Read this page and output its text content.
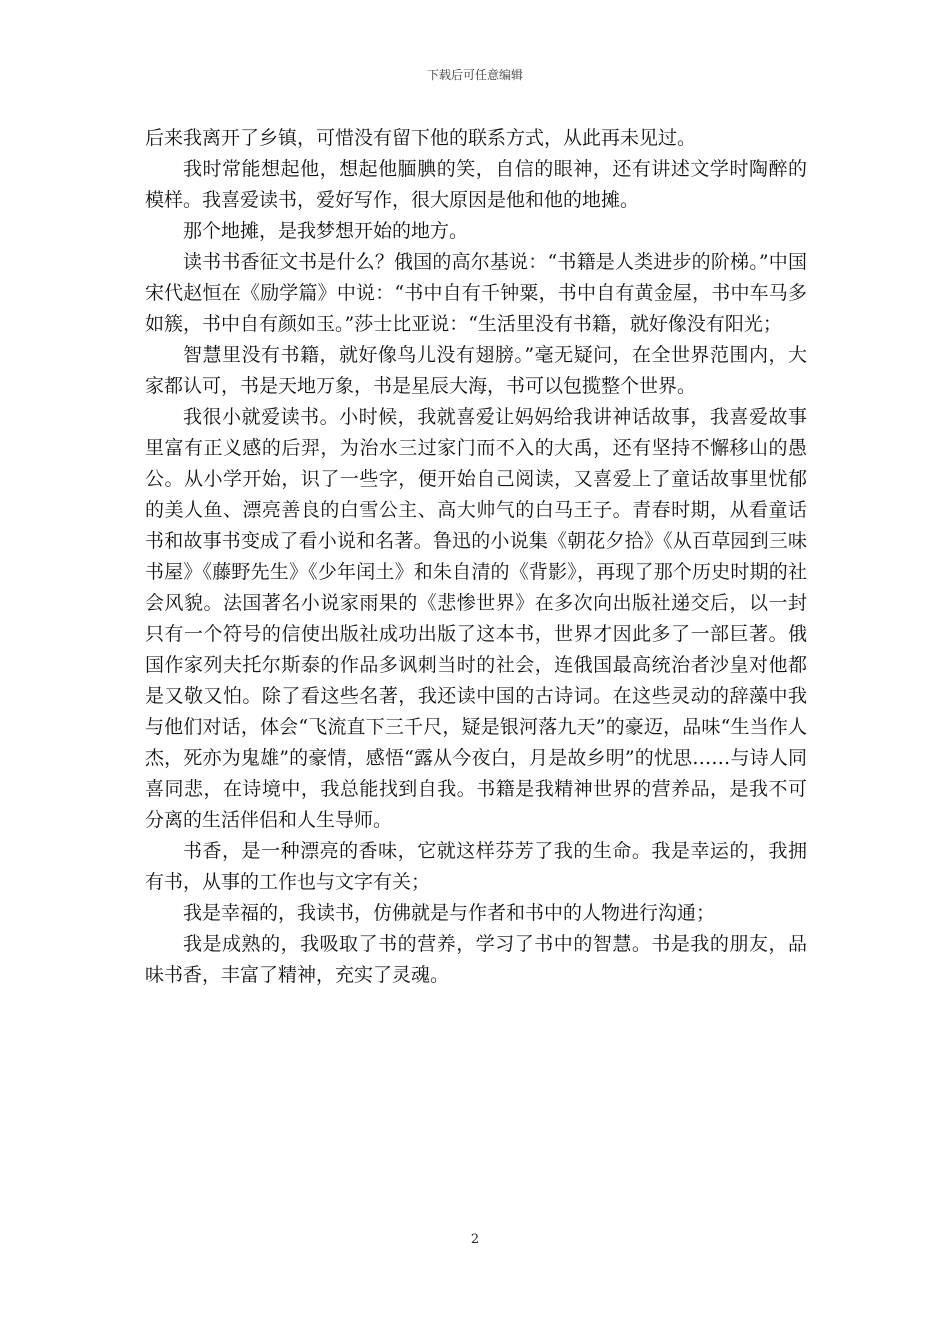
下载后可任意编辑

后来我离开了乡镇，可惜没有留下他的联系方式，从此再未见过。

我时常能想起他，想起他腼腆的笑，自信的眼神，还有讲述文学时陶醉的模样。我喜爱读书，爱好写作，很大原因是他和他的地摊。

那个地摊，是我梦想开始的地方。

读书书香征文书是什么？俄国的高尔基说：“书籍是人类进步的阶梯。”中国宋代赵恒在《励学篇》中说：“书中自有千钟粟，书中自有黄金屋，书中车马多如簇，书中自有颜如玉。”莎士比亚说：“生活里没有书籍，就好像没有阳光；

智慧里没有书籍，就好像鸟儿没有翅膀。”毫无疑问，在全世界范围内，大家都认可，书是天地万象，书是星辰大海，书可以包揽整个世界。

我很小就爱读书。小时候，我就喜爱让妈妈给我讲神话故事，我喜爱故事里富有正义感的后羿，为治水三过家门而不入的大禹，还有坚持不懈移山的愚公。从小学开始，识了一些字，便开始自己阅读，又喜爱上了童话故事里忧郁的美人鱼、漂亮善良的白雪公主、高大帅气的白马王子。青春时期，从看童话书和故事书变成了看小说和名著。鲁迅的小说集《朝花夕拾》《从百草园到三味书屋》《藤野先生》《少年闰土》和朱自清的《背影》，再现了那个历史时期的社会风貌。法国著名小说家雨果的《悲惨世界》在多次向出版社递交后，以一封只有一个符号的信使出版社成功出版了这本书，世界才因此多了一部巨著。俄国作家列夫托尔斯泰的作品多讽刺当时的社会，连俄国最高统治者沙皇对他都是又敬又怕。除了看这些名著，我还读中国的古诗词。在这些灵动的辞藻中我与他们对话，体会“飞流直下三千尺，疑是银河落九天”的豪迈，品味“生当作人杰，死亦为鬼雄”的豪情，感悟“露从今夜白，月是故乡明”的忧思……与诗人同喜同悲，在诗境中，我总能找到自我。书籍是我精神世界的营养品，是我不可分离的生活伴侣和人生导师。

书香，是一种漂亮的香味，它就这样芬芳了我的生命。我是幸运的，我拥有书，从事的工作也与文字有关；

我是幸福的，我读书，仿佛就是与作者和书中的人物进行沟通；

我是成熟的，我吸取了书的营养，学习了书中的智慧。书是我的朋友，品味书香，丰富了精神，充实了灵魂。

2
